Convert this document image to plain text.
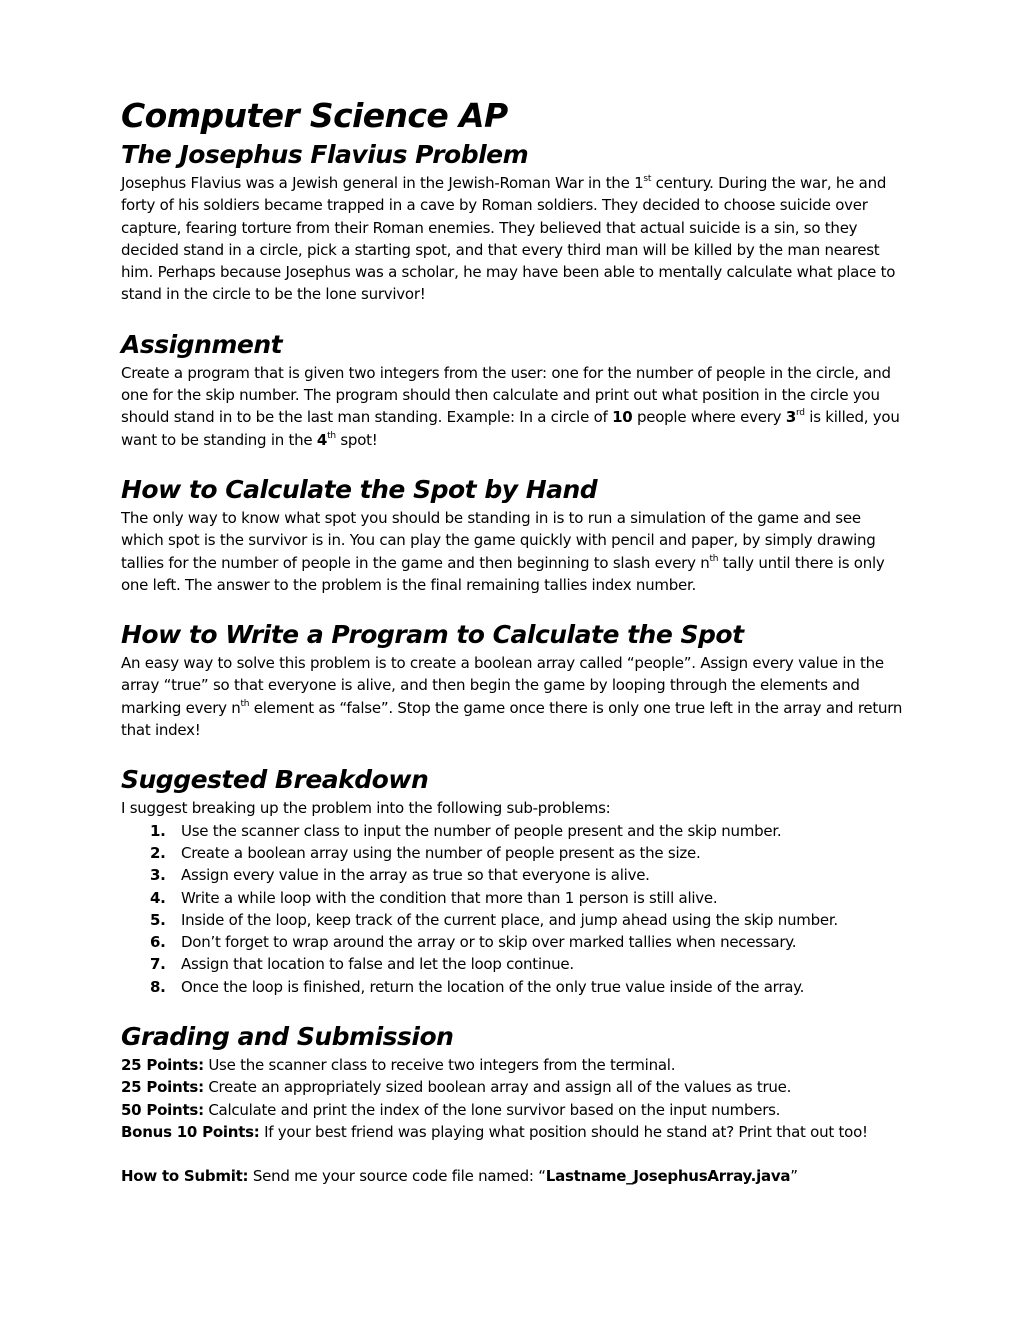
Computer Science AP
The Josephus Flavius Problem

Josephus Flavius was a Jewish general in the Jewish-Roman War in the 1st century. During the war, he and forty of his soldiers became trapped in a cave by Roman soldiers. They decided to choose suicide over capture, fearing torture from their Roman enemies. They believed that actual suicide is a sin, so they decided stand in a circle, pick a starting spot, and that every third man will be killed by the man nearest him. Perhaps because Josephus was a scholar, he may have been able to mentally calculate what place to stand in the circle to be the lone survivor!

Assignment

Create a program that is given two integers from the user: one for the number of people in the circle, and one for the skip number. The program should then calculate and print out what position in the circle you should stand in to be the last man standing. Example: In a circle of 10 people where every 3rd is killed, you want to be standing in the 4th spot!

How to Calculate the Spot by Hand

The only way to know what spot you should be standing in is to run a simulation of the game and see which spot is the survivor is in. You can play the game quickly with pencil and paper, by simply drawing tallies for the number of people in the game and then beginning to slash every $n^{th}$ tally until there is only one left. The answer to the problem is the final remaining tallies index number.

How to Write a Program to Calculate the Spot

An easy way to solve this problem is to create a boolean array called “people”. Assign every value in the array “true” so that everyone is alive, and then begin the game by looping through the elements and marking every $n^{th}$ element as “false”. Stop the game once there is only one true left in the array and return that index!

Suggested Breakdown

I suggest breaking up the problem into the following sub-problems:

1. Use the scanner class to input the number of people present and the skip number.
2. Create a boolean array using the number of people present as the size.
3. Assign every value in the array as true so that everyone is alive.
4. Write a while loop with the condition that more than 1 person is still alive.
5. Inside of the loop, keep track of the current place, and jump ahead using the skip number.
6. Don’t forget to wrap around the array or to skip over marked tallies when necessary.
7. Assign that location to false and let the loop continue.
8. Once the loop is finished, return the location of the only true value inside of the array.
Grading and Submission

25 Points: Use the scanner class to receive two integers from the terminal.

25 Points: Create an appropriately sized boolean array and assign all of the values as true.

50 Points: Calculate and print the index of the lone survivor based on the input numbers.

Bonus 10 Points: If your best friend was playing what position should he stand at? Print that out too!

How to Submit: Send me your source code file named: “Lastname_JosephusArray.java”
